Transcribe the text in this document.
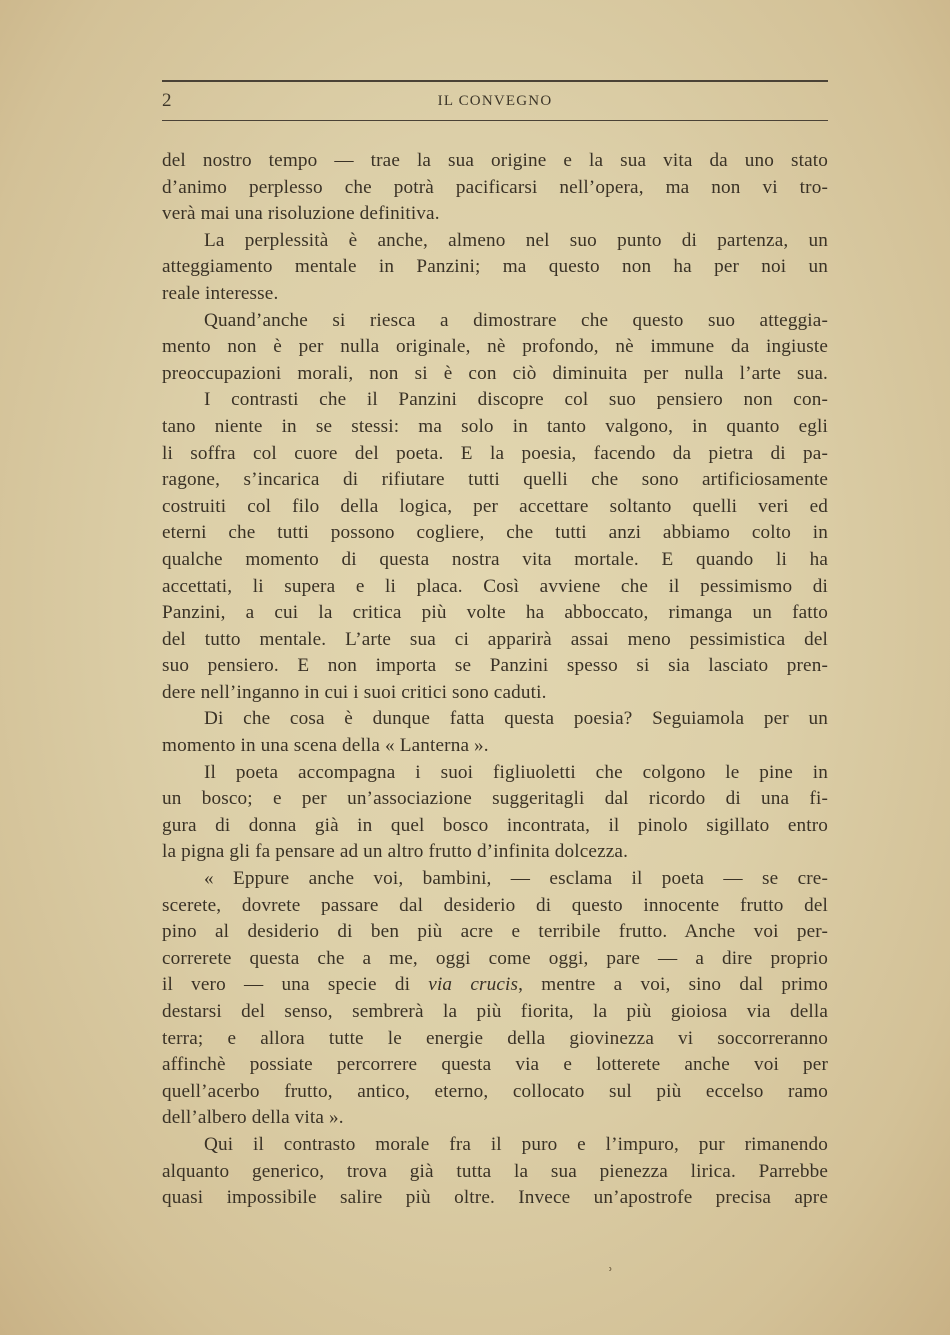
2	IL CONVEGNO
del nostro tempo — trae la sua origine e la sua vita da uno stato
d’animo perplesso che potrà pacificarsi nell’opera, ma non vi tro-
verà mai una risoluzione definitiva.
La perplessità è anche, almeno nel suo punto di partenza, un
atteggiamento mentale in Panzini; ma questo non ha per noi un
reale interesse.
Quand’anche si riesca a dimostrare che questo suo atteggia-
mento non è per nulla originale, nè profondo, nè immune da ingiuste
preoccupazioni morali, non si è con ciò diminuita per nulla l’arte sua.
I contrasti che il Panzini discopre col suo pensiero non con-
tano niente in se stessi: ma solo in tanto valgono, in quanto egli
li soffra col cuore del poeta. E la poesia, facendo da pietra di pa-
ragone, s’incarica di rifiutare tutti quelli che sono artificiosamente
costruiti col filo della logica, per accettare soltanto quelli veri ed
eterni che tutti possono cogliere, che tutti anzi abbiamo colto in
qualche momento di questa nostra vita mortale. E quando li ha
accettati, li supera e li placa. Così avviene che il pessimismo di
Panzini, a cui la critica più volte ha abboccato, rimanga un fatto
del tutto mentale. L’arte sua ci apparirà assai meno pessimistica del
suo pensiero. E non importa se Panzini spesso si sia lasciato pren-
dere nell’inganno in cui i suoi critici sono caduti.
Di che cosa è dunque fatta questa poesia? Seguiamola per un
momento in una scena della « Lanterna ».
Il poeta accompagna i suoi figliuoletti che colgono le pine in
un bosco; e per un’associazione suggeritagli dal ricordo di una fi-
gura di donna già in quel bosco incontrata, il pinolo sigillato entro
la pigna gli fa pensare ad un altro frutto d’infinita dolcezza.
« Eppure anche voi, bambini, — esclama il poeta — se cre-
scerete, dovrete passare dal desiderio di questo innocente frutto del
pino al desiderio di ben più acre e terribile frutto. Anche voi per-
correrete questa che a me, oggi come oggi, pare — a dire proprio
il vero — una specie di via crucis, mentre a voi, sino dal primo
destarsi del senso, sembrerà la più fiorita, la più gioiosa via della
terra; e allora tutte le energie della giovinezza vi soccorreranno
affinchè possiate percorrere questa via e lotterete anche voi per
quell’acerbo frutto, antico, eterno, collocato sul più eccelso ramo
dell’albero della vita ».
Qui il contrasto morale fra il puro e l’impuro, pur rimanendo
alquanto generico, trova già tutta la sua pienezza lirica. Parrebbe
quasi impossibile salire più oltre. Invece un’apostrofe precisa apre
˒
